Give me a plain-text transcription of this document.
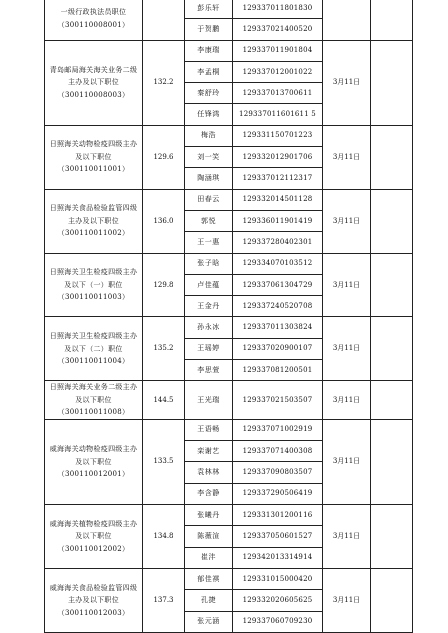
一级行政执法员职位（300110008001）		彭乐轩	129337011801830		
		于贺鹏	129337021400520		
青岛邮局海关海关业务二级主办及以下职位（300110008003）	132.2	李康瑞	129337011901804	3月11日	
		李孟桐	129337012001022		
		秦舒玲	129337013700611		
		任锋鸿	129337011601611 5		
日照海关动物检疫四级主办及以下职位（300110011001）	129.6	梅浩	129331150701223	3月11日	
		刘一笑	129332012901706		
		陶涵琪	129337012112317		
日照海关食品检验监管四级主办及以下职位（300110011002）	136.0	田春云	129332014501128	3月11日	
		郭悦	129336011901419		
		王一惠	129337280402301		
日照海关卫生检疫四级主办及以下（一）职位（300110011003）	129.8	张子晗	129334070103512	3月11日	
		卢佳蕴	129337061304729		
		王金丹	129337240520708		
日照海关卫生检疫四级主办及以下（二）职位（300110011004）	135.2	孙永冰	129337011303824	3月11日	
		王瑶婷	129337020900107		
		李思萱	129337081200501		
日照海关海关业务二级主办及以下职位（300110011008）	144.5	王光瑞	129337021503507	3月11日	
威海海关动物检疫四级主办及以下职位（300110012001）	133.5	王语畅	129337071002919	3月11日	
		栾谢艺	129337071400308		
		袁林林	129337090803507		
		李含静	129337290506419		
威海海关植物检疫四级主办及以下职位（300110012002）	134.8	张曦丹	129331301200116	3月11日	
		陈薇渲	129337050601527		
		崔沣	129342013314914		
威海海关食品检验监管四级主办及以下职位（300110012003）	137.3	郁佳祺	129331015000420	3月11日	
		孔捷	129332020605625		
		张元涵	129337060709230		
